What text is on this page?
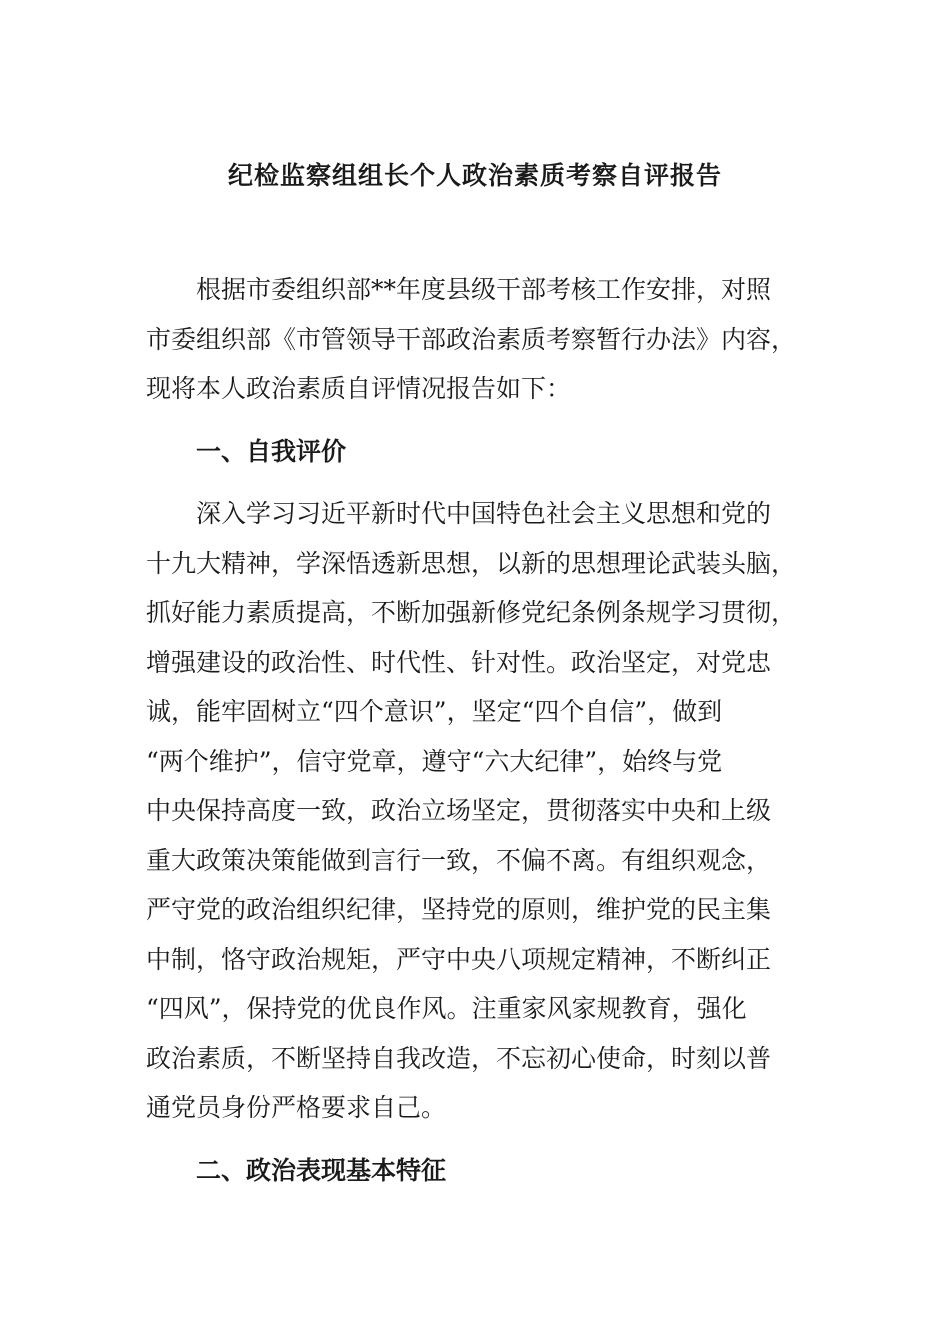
纪检监察组组长个人政治素质考察自评报告
根据市委组织部**年度县级干部考核工作安排，对照
市委组织部《市管领导干部政治素质考察暂行办法》内容，
现将本人政治素质自评情况报告如下：
一、自我评价
深入学习习近平新时代中国特色社会主义思想和党的
十九大精神，学深悟透新思想，以新的思想理论武装头脑，
抓好能力素质提高，不断加强新修党纪条例条规学习贯彻，
增强建设的政治性、时代性、针对性。政治坚定，对党忠
诚，能牢固树立“四个意识”，坚定“四个自信”，做到
“两个维护”，信守党章，遵守“六大纪律”，始终与党
中央保持高度一致，政治立场坚定，贯彻落实中央和上级
重大政策决策能做到言行一致，不偏不离。有组织观念，
严守党的政治组织纪律，坚持党的原则，维护党的民主集
中制，恪守政治规矩，严守中央八项规定精神，不断纠正
“四风”，保持党的优良作风。注重家风家规教育，强化
政治素质，不断坚持自我改造，不忘初心使命，时刻以普
通党员身份严格要求自己。
二、政治表现基本特征
